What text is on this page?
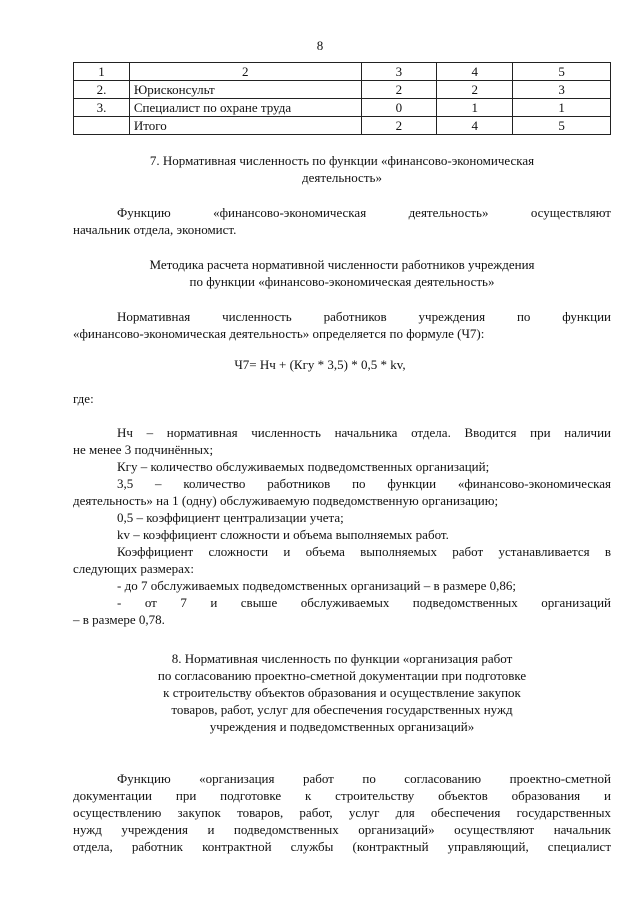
8
1	2	3	4	5
2.	Юрисконсульт	2	2	3
3.	Специалист по охране труда	0	1	1
	Итого	2	4	5
7. Нормативная численность по функции «финансово-экономическая
деятельность»
Функцию «финансово-экономическая деятельность» осуществляют
начальник отдела, экономист.
Методика расчета нормативной численности работников учреждения
по функции «финансово-экономическая деятельность»
Нормативная численность работников учреждения по функции
«финансово-экономическая деятельность» определяется по формуле (Ч7):
Ч7= Нч + (Кгу * 3,5) * 0,5 * kv,
где:
Нч – нормативная численность начальника отдела. Вводится при наличии
не менее 3 подчинённых;
Кгу – количество обслуживаемых подведомственных организаций;
3,5 – количество работников по функции «финансово-экономическая
деятельность» на 1 (одну) обслуживаемую подведомственную организацию;
0,5 – коэффициент централизации учета;
kv – коэффициент сложности и объема выполняемых работ.
Коэффициент сложности и объема выполняемых работ устанавливается в
следующих размерах:
- до 7 обслуживаемых подведомственных организаций – в размере 0,86;
- от 7 и свыше обслуживаемых подведомственных организаций
– в размере 0,78.
8. Нормативная численность по функции «организация работ
по согласованию проектно-сметной документации при подготовке
к строительству объектов образования и осуществление закупок
товаров, работ, услуг для обеспечения государственных нужд
учреждения и подведомственных организаций»
Функцию «организация работ по согласованию проектно-сметной
документации при подготовке к строительству объектов образования и
осуществлению закупок товаров, работ, услуг для обеспечения государственных
нужд учреждения и подведомственных организаций» осуществляют начальник
отдела, работник контрактной службы (контрактный управляющий, специалист
